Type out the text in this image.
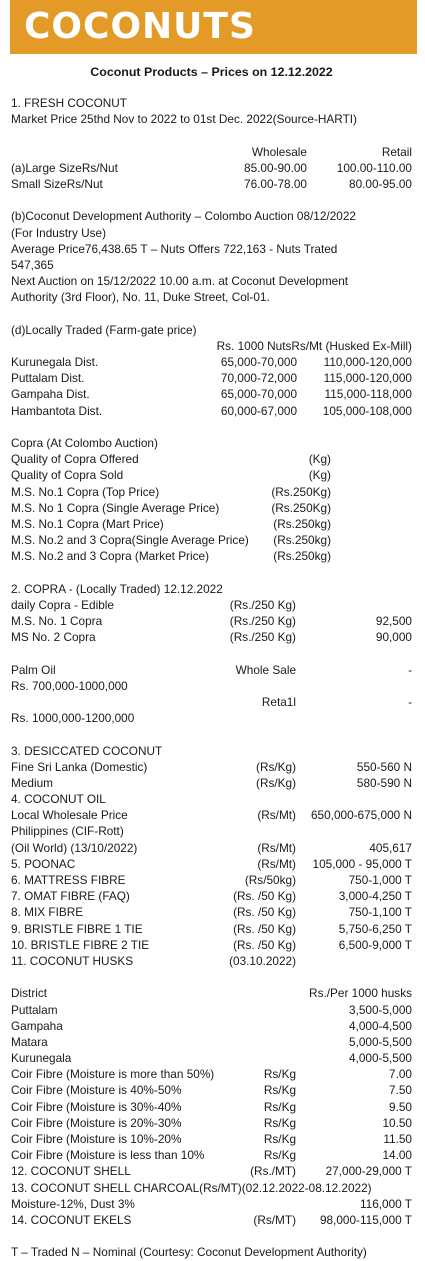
COCONUTS
Coconut Products – Prices on 12.12.2022
1. FRESH COCONUT
Market Price 25thd Nov to 2022 to 01st Dec. 2022(Source-HARTI)
Wholesale	Retail
(a)Large SizeRs/Nut	85.00-90.00	100.00-110.00
Small SizeRs/Nut	76.00-78.00	80.00-95.00
(b)Coconut Development Authority – Colombo Auction 08/12/2022
(For Industry Use)
Average Price76,438.65 T – Nuts Offers 722,163 - Nuts Trated
547,365
Next Auction on 15/12/2022 10.00 a.m. at Coconut Development
Authority (3rd Floor), No. 11, Duke Street, Col-01.
(d)Locally Traded (Farm-gate price)
Rs. 1000 NutsRs/Mt (Husked Ex-Mill)
Kurunegala Dist.	65,000-70,000 110,000-120,000
Puttalam Dist.	70,000-72,000 115,000-120,000
Gampaha Dist.	65,000-70,000 115,000-118,000
Hambantota Dist.	60,000-67,000 105,000-108,000
Copra (At Colombo Auction)
Quality of Copra Offered	(Kg)
Quality of Copra Sold	(Kg)
M.S. No.1 Copra (Top Price)	(Rs.250Kg)
M.S. No 1 Copra (Single Average Price)	(Rs.250Kg)
M.S. No.1 Copra (Mart Price)	(Rs.250kg)
M.S. No.2 and 3 Copra(Single Average Price) (Rs.250kg)
M.S. No.2 and 3 Copra (Market Price)	(Rs.250kg)
2. COPRA - (Locally Traded) 12.12.2022
daily Copra - Edible	(Rs./250 Kg)
M.S. No. 1 Copra	(Rs./250 Kg)	92,500
MS No. 2 Copra	(Rs./250 Kg)	90,000
Palm Oil	Whole Sale	-
Rs. 700,000-1000,000
Reta1l	-
Rs. 1000,000-1200,000
3. DESICCATED COCONUT
Fine Sri Lanka (Domestic)	(Rs/Kg)	550-560 N
Medium	(Rs/Kg)	580-590 N
4. COCONUT OIL
Local Wholesale Price	(Rs/Mt) 650,000-675,000 N
Philippines (CIF-Rott)
(Oil World) (13/10/2022)	(Rs/Mt)	405,617
5. POONAC	(Rs/Mt) 105,000 - 95,000 T
6. MATTRESS FIBRE	(Rs/50kg)	750-1,000 T
7. OMAT FIBRE (FAQ)	(Rs. /50 Kg)	3,000-4,250 T
8. MIX FIBRE	(Rs. /50 Kg)	750-1,100 T
9. BRISTLE FIBRE 1 TIE	(Rs. /50 Kg)	5,750-6,250 T
10. BRISTLE FIBRE 2 TIE	(Rs. /50 Kg)	6,500-9,000 T
11. COCONUT HUSKS	(03.10.2022)
District	Rs./Per 1000 husks
Puttalam	3,500-5,000
Gampaha	4,000-4,500
Matara	5,000-5,500
Kurunegala	4,000-5,500
Coir Fibre (Moisture is more than 50%)	Rs/Kg	7.00
Coir Fibre (Moisture is 40%-50%	Rs/Kg	7.50
Coir Fibre (Moisture is 30%-40%	Rs/Kg	9.50
Coir Fibre (Moisture is 20%-30%	Rs/Kg	10.50
Coir Fibre (Moisture is 10%-20%	Rs/Kg	11.50
Coir Fibre (Moisture is less than 10%	Rs/Kg	14.00
12. COCONUT SHELL	(Rs./MT)	27,000-29,000 T
13. COCONUT SHELL CHARCOAL(Rs/MT)(02.12.2022-08.12.2022)
Moisture-12%, Dust 3%	116,000 T
14. COCONUT EKELS	(Rs/MT) 98,000-115,000 T
T – Traded N – Nominal (Courtesy: Coconut Development Authority)
